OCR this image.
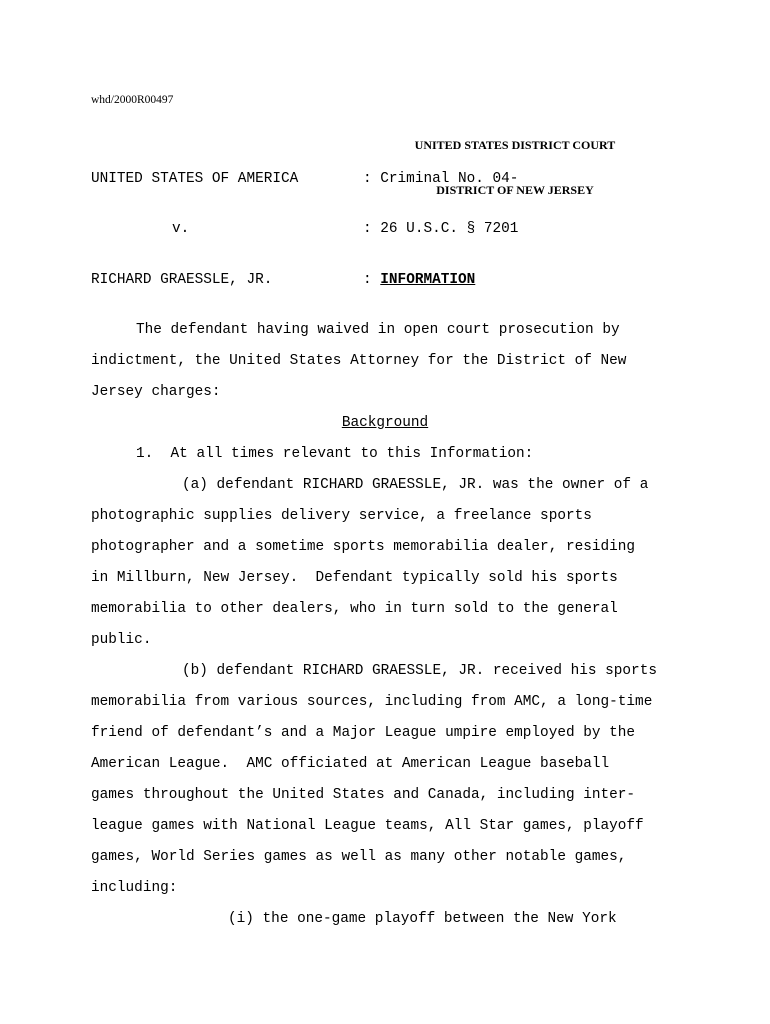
whd/2000R00497

UNITED STATES DISTRICT COURT

DISTRICT OF NEW JERSEY

UNITED STATES OF AMERICA	: Criminal No. 04-
v.	: 26 U.S.C. § 7201
RICHARD GRAESSLE, JR.	: INFORMATION
The defendant having waived in open court prosecution by
indictment, the United States Attorney for the District of New
Jersey charges:
Background
1.  At all times relevant to this Information:
(a) defendant RICHARD GRAESSLE, JR. was the owner of a
photographic supplies delivery service, a freelance sports
photographer and a sometime sports memorabilia dealer, residing
in Millburn, New Jersey.  Defendant typically sold his sports
memorabilia to other dealers, who in turn sold to the general
public.
(b) defendant RICHARD GRAESSLE, JR. received his sports
memorabilia from various sources, including from AMC, a long-time
friend of defendant’s and a Major League umpire employed by the
American League.  AMC officiated at American League baseball
games throughout the United States and Canada, including inter-
league games with National League teams, All Star games, playoff
games, World Series games as well as many other notable games,
including:
(i) the one-game playoff between the New York
